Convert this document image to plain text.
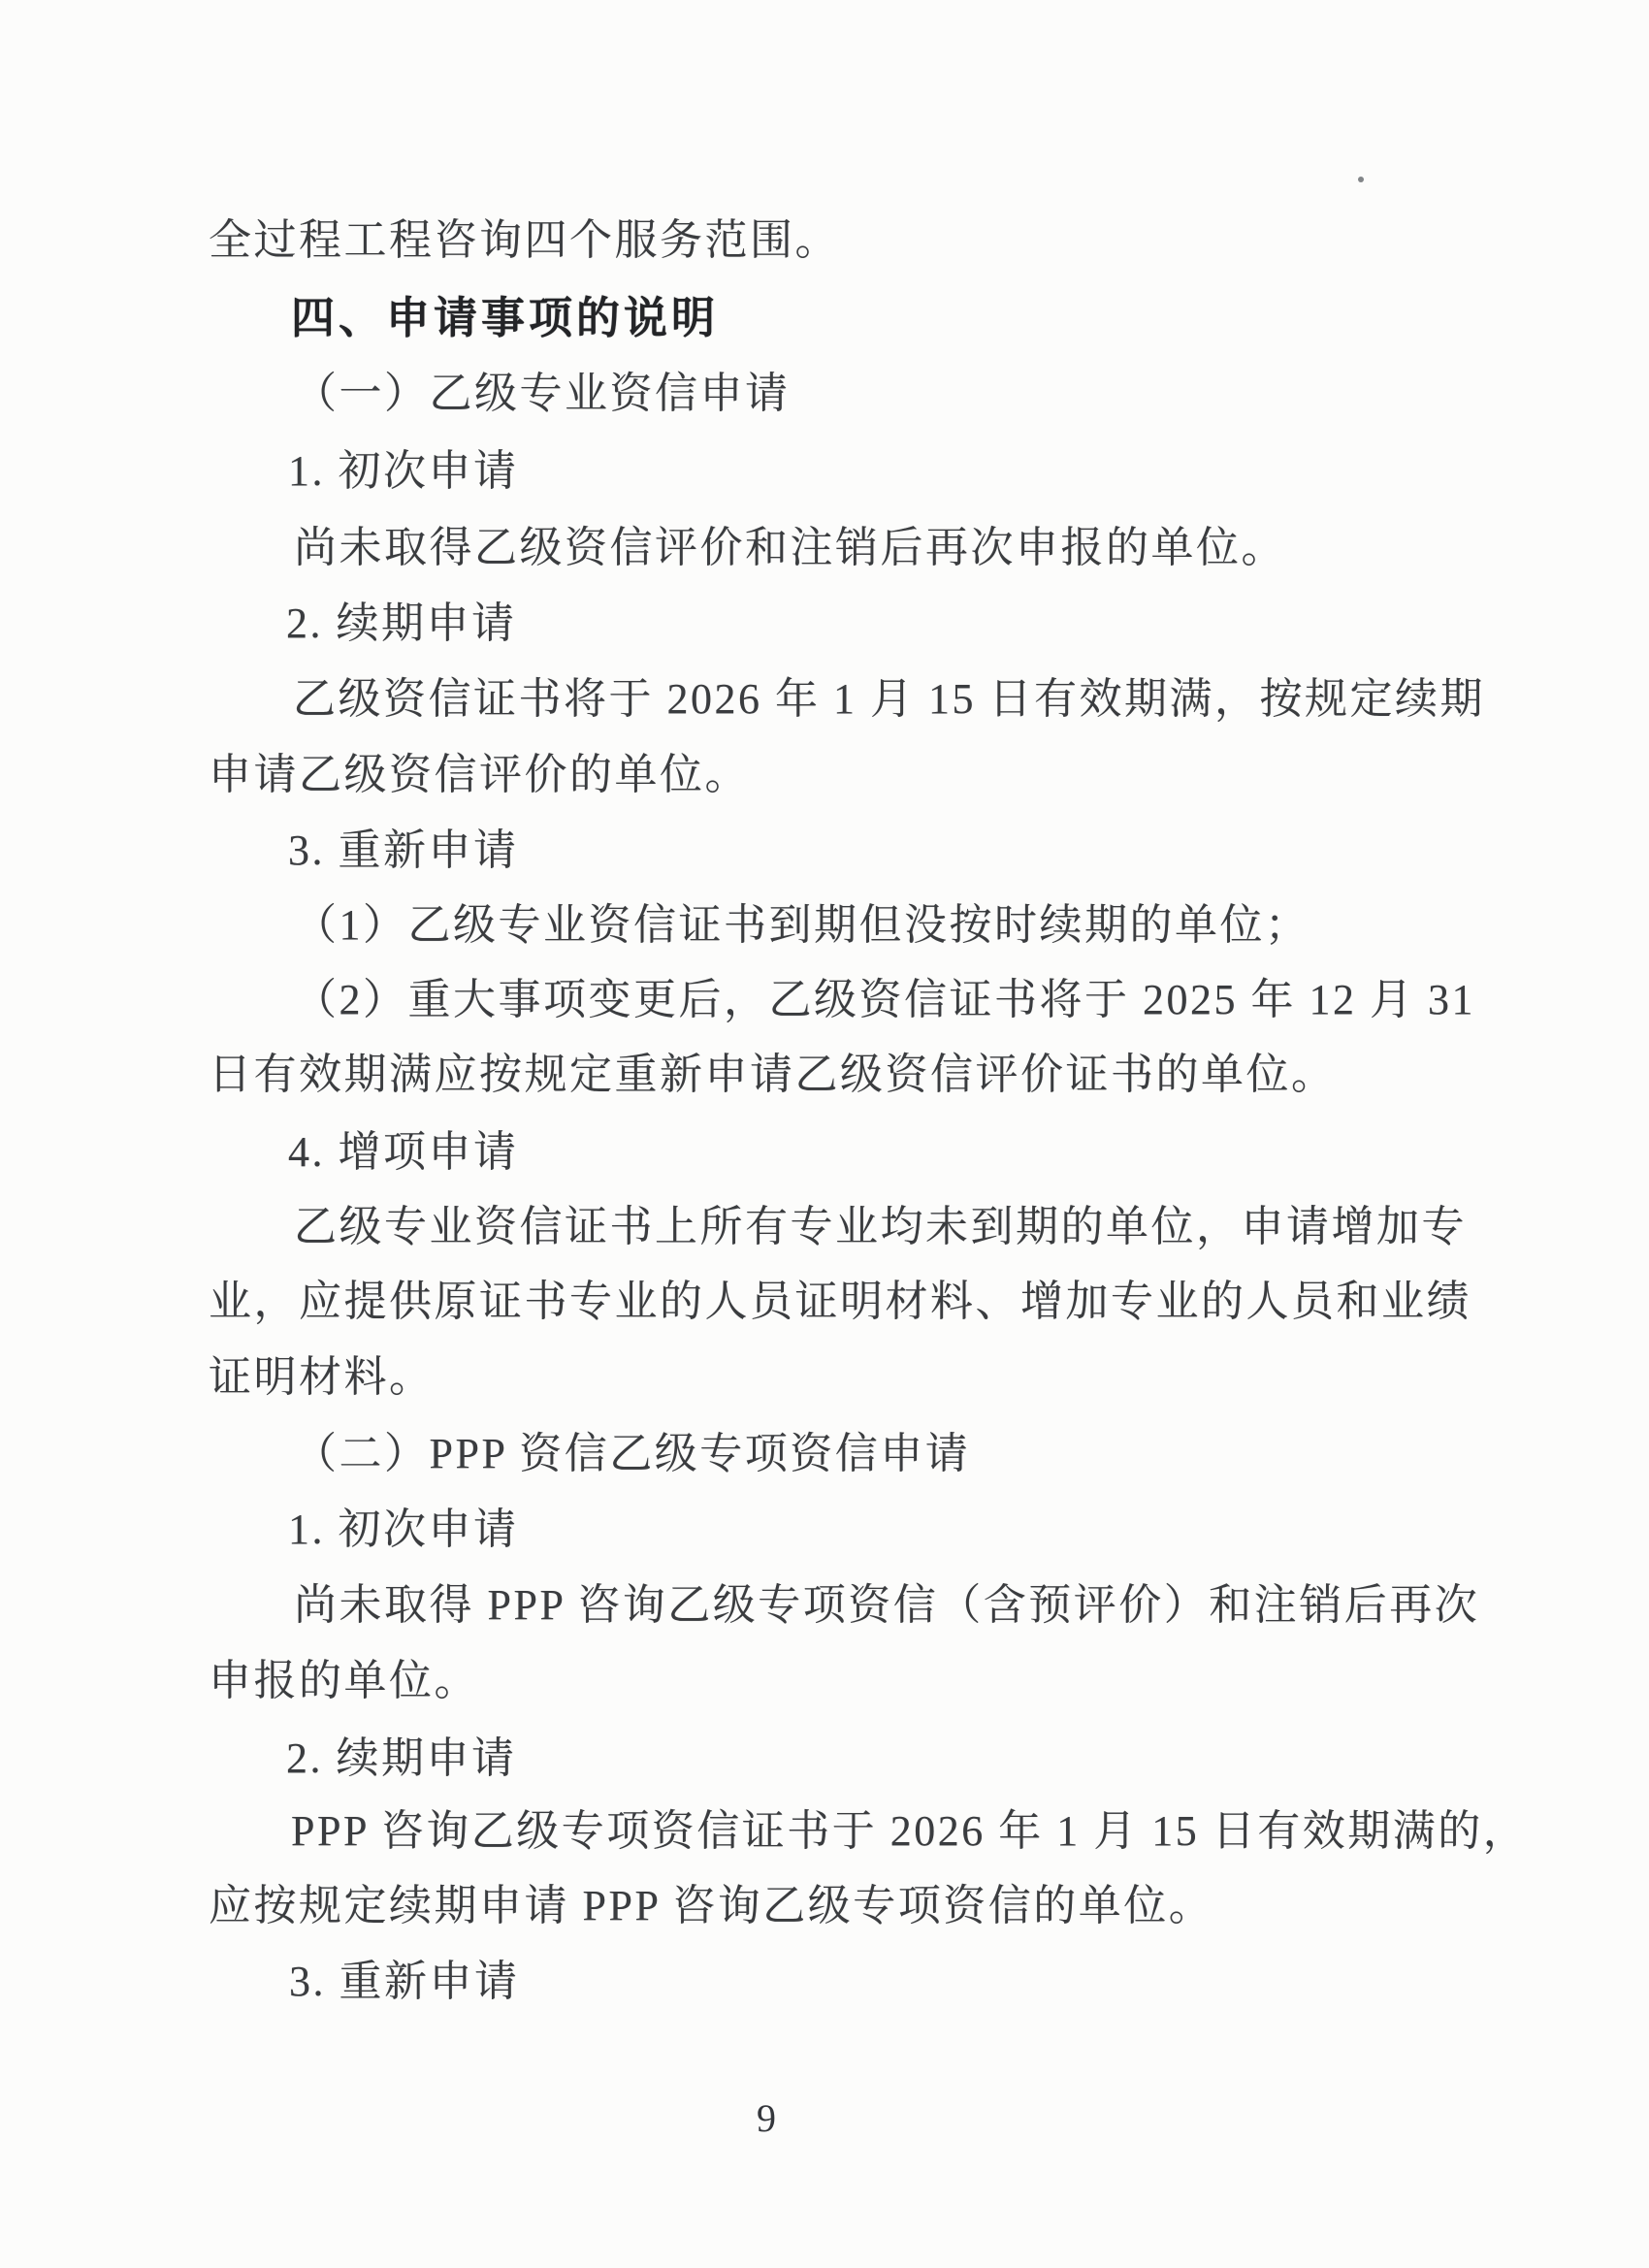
全过程工程咨询四个服务范围。
四、申请事项的说明
（一）乙级专业资信申请
1. 初次申请
尚未取得乙级资信评价和注销后再次申报的单位。
2. 续期申请
乙级资信证书将于 2026 年 1 月 15 日有效期满，按规定续期
申请乙级资信评价的单位。
3. 重新申请
（1）乙级专业资信证书到期但没按时续期的单位；
（2）重大事项变更后，乙级资信证书将于 2025 年 12 月 31
日有效期满应按规定重新申请乙级资信评价证书的单位。
4. 增项申请
乙级专业资信证书上所有专业均未到期的单位，申请增加专
业，应提供原证书专业的人员证明材料、增加专业的人员和业绩
证明材料。
（二）PPP 资信乙级专项资信申请
1. 初次申请
尚未取得 PPP 咨询乙级专项资信（含预评价）和注销后再次
申报的单位。
2. 续期申请
PPP 咨询乙级专项资信证书于 2026 年 1 月 15 日有效期满的，
应按规定续期申请 PPP 咨询乙级专项资信的单位。
3. 重新申请
9
